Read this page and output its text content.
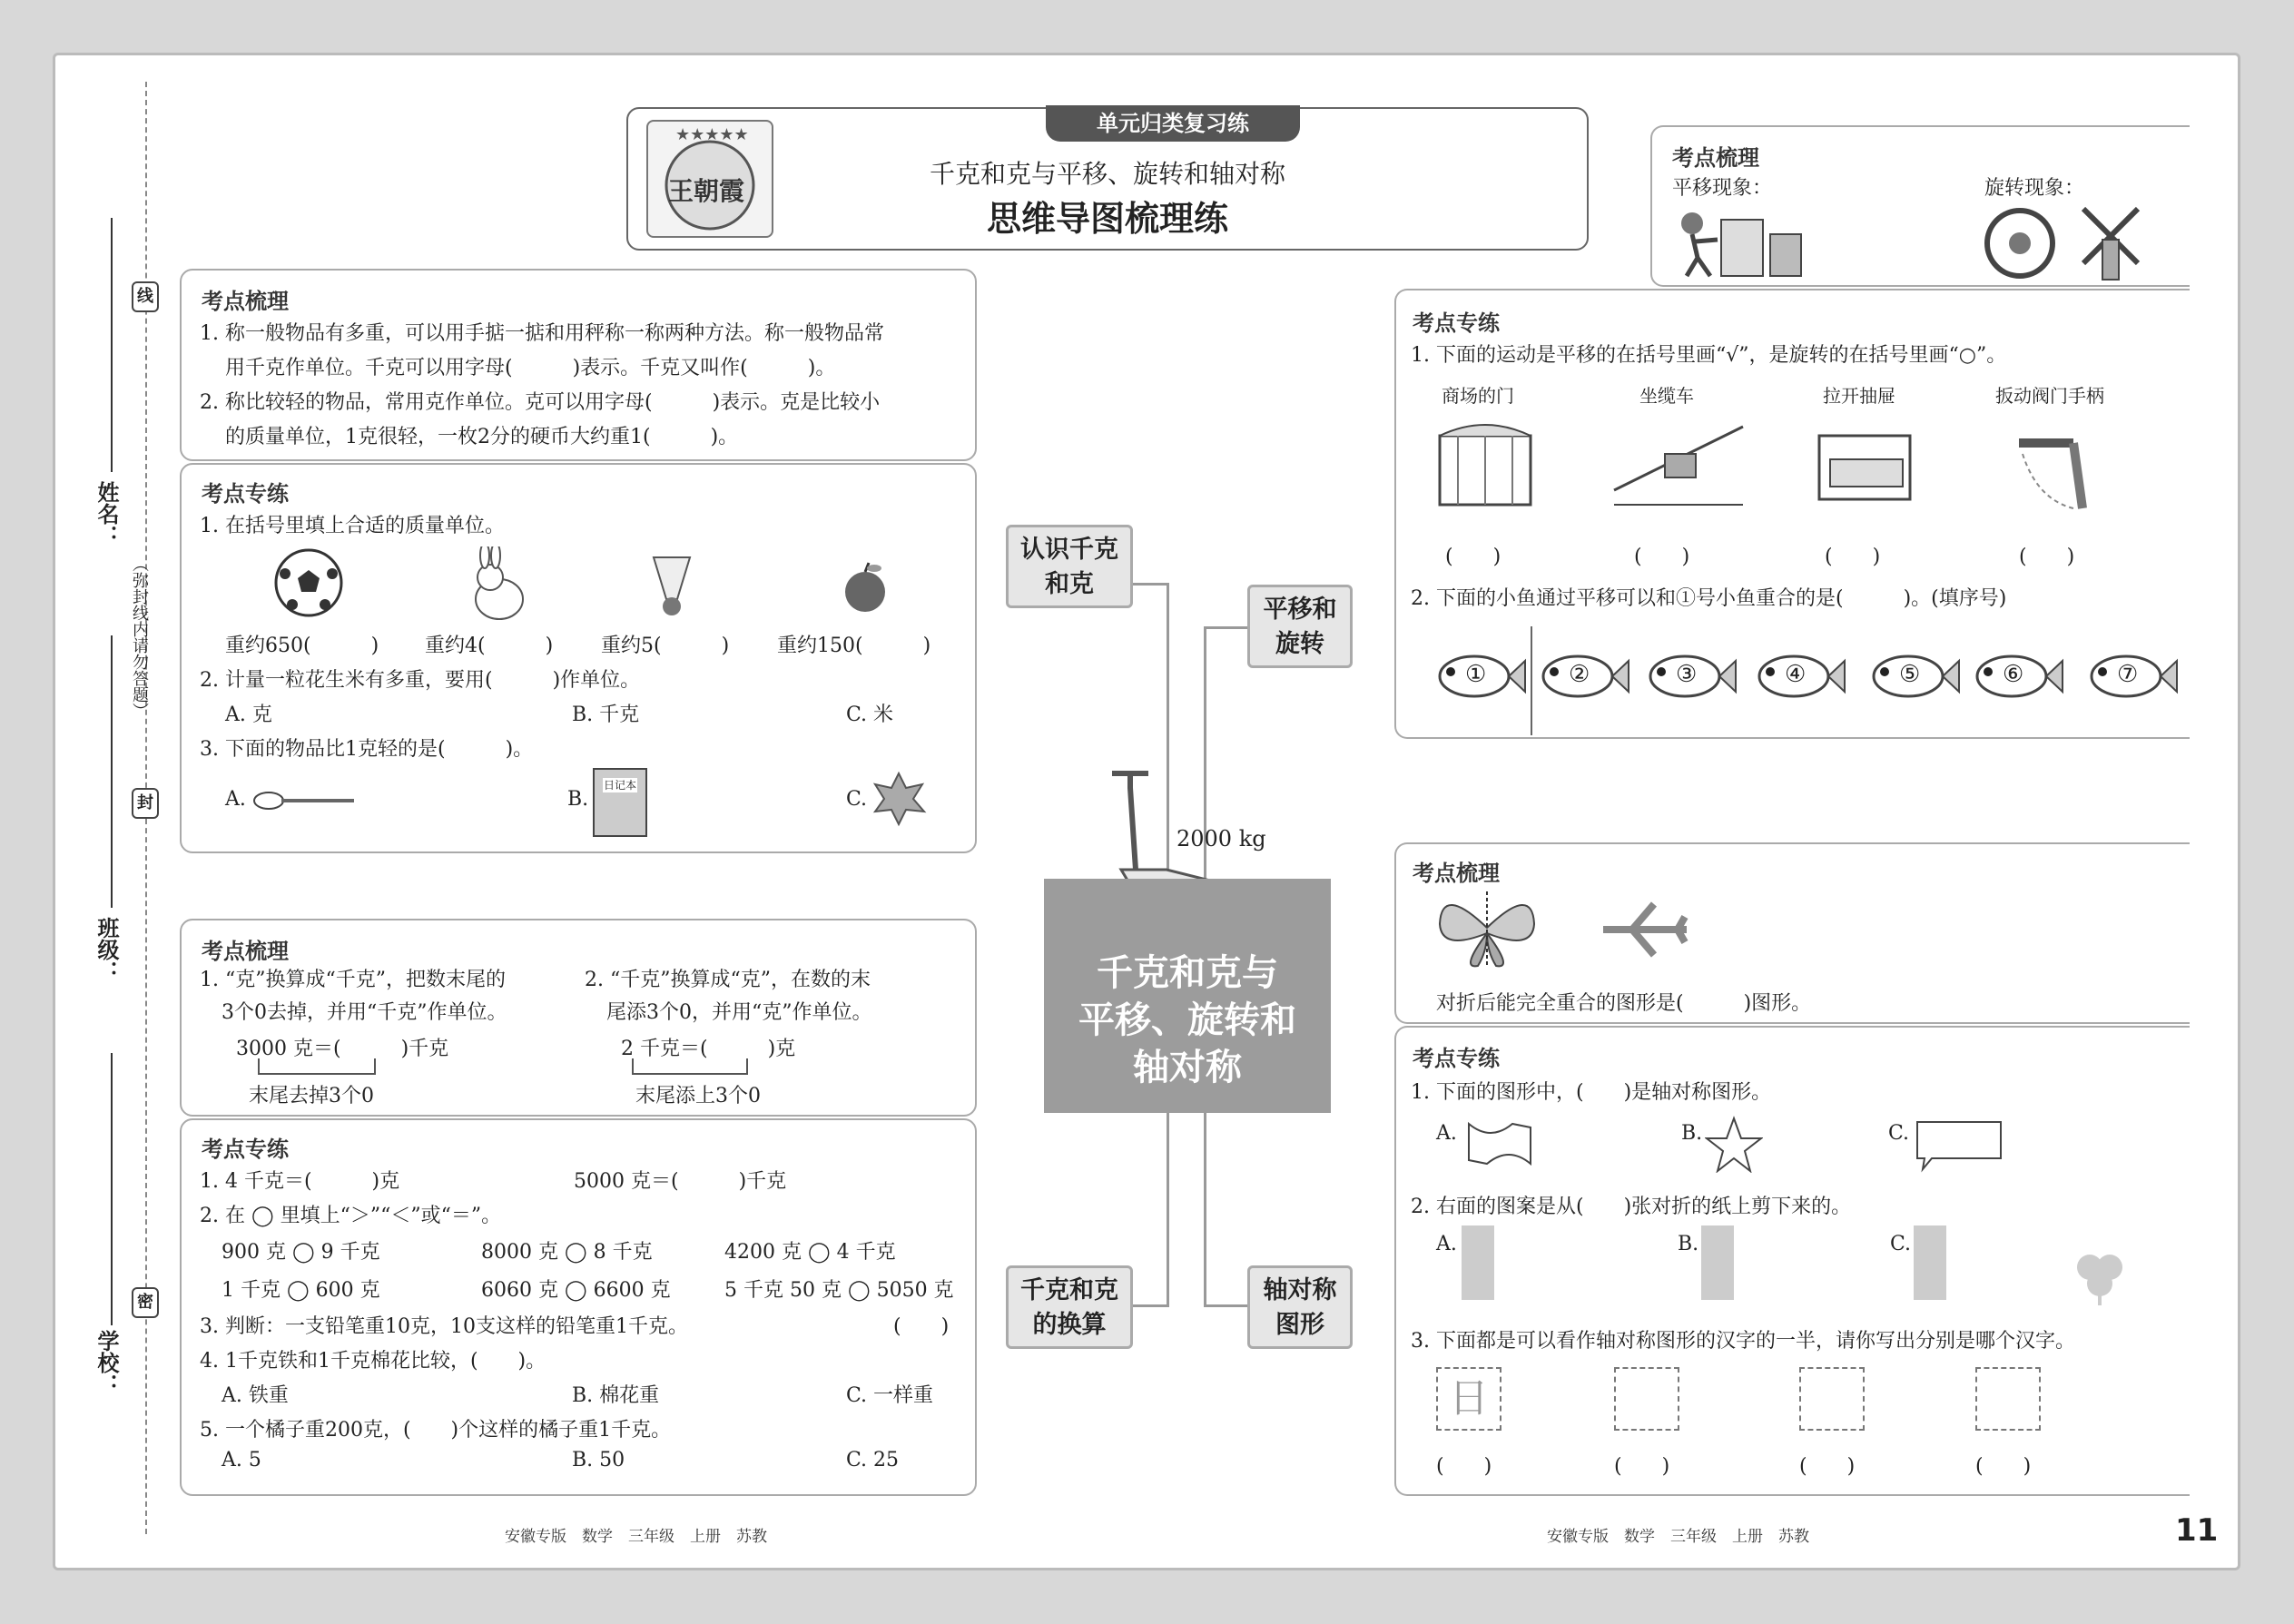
线
封
密
（弥封线内请勿答题）
姓名：
班级：
学校：
★★★★★
王朝霞
单元归类复习练
千克和克与平移、旋转和轴对称
思维导图梳理练
考点梳理
1. 称一般物品有多重，可以用手掂一掂和用秤称一称两种方法。称一般物品常
用千克作单位。千克可以用字母(　　　)表示。千克又叫作(　　　)。
2. 称比较轻的物品，常用克作单位。克可以用字母(　　　)表示。克是比较小
的质量单位，1克很轻，一枚2分的硬币大约重1(　　　)。
考点专练
1. 在括号里填上合适的质量单位。
重约650(　　　) 重约4(　　　) 重约5(　　　) 重约150(　　　)
2. 计量一粒花生米有多重，要用(　　　)作单位。
A. 克	B. 千克	C. 米
3. 下面的物品比1克轻的是(　　　)。
A.	B.
日记本
C.
考点梳理
1. “克”换算成“千克”，把数末尾的
3个0去掉，并用“千克”作单位。
2. “千克”换算成“克”，在数的末
尾添3个0，并用“克”作单位。
3000 克＝(　　　)千克
末尾去掉3个0
2 千克＝(　　　)克
末尾添上3个0
考点专练
1. 4 千克＝(　　　)克	5000 克＝(　　　)千克
2. 在 ◯ 里填上“＞”“＜”或“＝”。
900 克 ◯ 9 千克	8000 克 ◯ 8 千克	4200 克 ◯ 4 千克
1 千克 ◯ 600 克	6060 克 ◯ 6600 克	5 千克 50 克 ◯ 5050 克
3. 判断：一支铅笔重10克，10支这样的铅笔重1千克。	(　　)
4. 1千克铁和1千克棉花比较，(　　)。
A. 铁重	B. 棉花重	C. 一样重
5. 一个橘子重200克，(　　)个这样的橘子重1千克。
A. 5	B. 50	C. 25
认识千克
和克
千克和克
的换算
平移和
旋转
轴对称
图形
2000 kg
千克和克与
平移、旋转和
轴对称
考点梳理
平移现象：	旋转现象：
考点专练
1. 下面的运动是平移的在括号里画“√”，是旋转的在括号里画“○”。
商场的门	坐缆车	拉开抽屉	扳动阀门手柄
(　　)	(　　)	(　　)	(　　)
2. 下面的小鱼通过平移可以和①号小鱼重合的是(　　　)。(填序号)
①	②	③	④	⑤	⑥	⑦
考点梳理
对折后能完全重合的图形是(　　　)图形。
考点专练
1. 下面的图形中，(　　)是轴对称图形。
A.	B.	C.
2. 右面的图案是从(　　)张对折的纸上剪下来的。
A.	B.	C.
3. 下面都是可以看作轴对称图形的汉字的一半，请你写出分别是哪个汉字。
日
(　　)	(　　)	(　　)	(　　)
安徽专版　数学　三年级　上册　苏教	安徽专版　数学　三年级　上册　苏教	11
